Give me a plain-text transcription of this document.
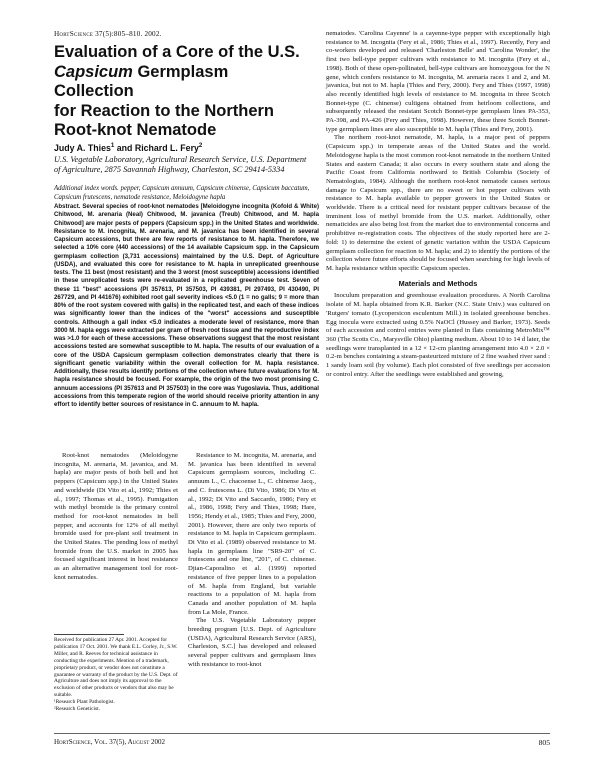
HortScience 37(5):805–810. 2002.
Evaluation of a Core of the U.S.
Capsicum Germplasm Collection
for Reaction to the Northern
Root-knot Nematode
Judy A. Thies$^1$ and Richard L. Fery$^2$
U.S. Vegetable Laboratory, Agricultural Research Service, U.S. Department
of Agriculture, 2875 Savannah Highway, Charleston, SC 29414-5334
Additional index words. pepper, Capsicum annuum, Capsicum chinense, Capsicum baccatum, Capsicum frutescens, nematode resistance, Meloidogyne hapla
Abstract. Several species of root-knot nematodes [Meloidogyne incognita (Kofold & White) Chitwood, M. arenaria (Neal) Chitwood, M. javanica (Treub) Chitwood, and M. hapla Chitwood] are major pests of peppers (Capsicum spp.) in the United States and worldwide. Resistance to M. incognita, M. arenaria, and M. javanica has been identified in several Capsicum accessions, but there are few reports of resistance to M. hapla. Therefore, we selected a 10% core (440 accessions) of the 14 available Capsicum spp. in the Capsicum germplasm collection (3,731 accessions) maintained by the U.S. Dept. of Agriculture (USDA), and evaluated this core for resistance to M. hapla in unreplicated greenhouse tests. The 11 best (most resistant) and the 3 worst (most susceptible) accessions identified in these unreplicated tests were re-evaluated in a replicated greenhouse test. Seven of these 11 "best" accessions (PI 357613, PI 357503, PI 439381, PI 297493, PI 430490, PI 267729, and PI 441676) exhibited root gall severity indices <5.0 (1 = no galls; 9 = more than 80% of the root system covered with galls) in the replicated test, and each of these indices was significantly lower than the indices of the "worst" accessions and susceptible controls. Although a gall index <5.0 indicates a moderate level of resistance, more than 3000 M. hapla eggs were extracted per gram of fresh root tissue and the reproductive index was >1.0 for each of these accessions. These observations suggest that the most resistant accessions tested are somewhat susceptible to M. hapla. The results of our evaluation of a core of the USDA Capsicum germplasm collection demonstrates clearly that there is significant genetic variability within the overall collection for M. hapla resistance. Additionally, these results identify portions of the collection where future evaluations for M. hapla resistance should be focused. For example, the origin of the two most promising C. annuum accessions (PI 357613 and PI 357503) in the core was Yugoslavia. Thus, additional accessions from this temperate region of the world should receive priority attention in any effort to identify better sources of resistance in C. annuum to M. hapla.

Root-knot nematodes (Meloidogyne incognita, M. arenaria, M. javanica, and M. hapla) are major pests of both bell and hot peppers (Capsicum spp.) in the United States and worldwide (Di Vito et al., 1992; Thies et al., 1997; Thomas et al., 1995). Fumigation with methyl bromide is the primary control method for root-knot nematodes in bell pepper, and accounts for 12% of all methyl bromide used for pre-plant soil treatment in the United States. The pending loss of methyl bromide from the U.S. market in 2005 has focused significant interest in host resistance as an alternative management tool for root-knot nematodes.

Received for publication 27 Apr. 2001. Accepted for publication 17 Oct. 2001. We thank E.L. Corley, Jr., S.W. Miller, and R. Reeves for technical assistance in conducting the experiments. Mention of a trademark, proprietary product, or vendor does not constitute a guarantee or warranty of the product by the U.S. Dept. of Agriculture and does not imply its approval to the exclusion of other products or vendors that also may be suitable.

¹Research Plant Pathologist.

²Research Geneticist.

Resistance to M. incognita, M. arenaria, and M. javanica has been identified in several Capsicum germplasm sources, including C. annuum L., C. chacoense L., C. chinense Jacq., and C. frutescens L. (Di Vito, 1986; Di Vito et al., 1992; Di Vito and Saccardo, 1986; Fery et al., 1986, 1998; Fery and Thies, 1998; Hare, 1956; Hendy et al., 1985; Thies and Fery, 2000, 2001). However, there are only two reports of resistance to M. hapla in Capsicum germplasm. Di Vito et al. (1989) observed resistance to M. hapla in germplasm line "SR9-20" of C. frutescens and one line, "201", of C. chinense. Djian-Caporalino et al. (1999) reported resistance of five pepper lines to a population of M. hapla from England, but variable reactions to a population of M. hapla from Canada and another population of M. hapla from La Mole, France.

The U.S. Vegetable Laboratory pepper breeding program [U.S. Dept. of Agriculture (USDA), Agricultural Research Service (ARS), Charleston, S.C.] has developed and released several pepper cultivars and germplasm lines with resistance to root-knot

nematodes. 'Carolina Cayenne' is a cayenne-type pepper with exceptionally high resistance to M. incognita (Fery et al., 1986; Thies et al., 1997). Recently, Fery and co-workers developed and released 'Charleston Belle' and 'Carolina Wonder', the first two bell-type pepper cultivars with resistance to M. incognita (Fery et al., 1998). Both of these open-pollinated, bell-type cultivars are homozygous for the N gene, which confers resistance to M. incognita, M. arenaria races 1 and 2, and M. javanica, but not to M. hapla (Thies and Fery, 2000). Fery and Thies (1997, 1998) also recently identified high levels of resistance to M. incognita in three Scotch Bonnet-type (C. chinense) cultigens obtained from heirloom collections, and subsequently released the resistant Scotch Bonnet-type germplasm lines PA-353, PA-398, and PA-426 (Fery and Thies, 1998). However, these three Scotch Bonnet-type germplasm lines are also susceptible to M. hapla (Thies and Fery, 2001).

The northern root-knot nematode, M. hapla, is a major pest of peppers (Capsicum spp.) in temperate areas of the United States and the world. Meloidogyne hapla is the most common root-knot nematode in the northern United States and eastern Canada; it also occurs in every southern state and along the Pacific Coast from California northward to British Columbia (Society of Nematologists, 1984). Although the northern root-knot nematode causes serious damage to Capsicum spp., there are no sweet or hot pepper cultivars with resistance to M. hapla available to pepper growers in the United States or worldwide. There is a critical need for resistant pepper cultivars because of the imminent loss of methyl bromide from the U.S. market. Additionally, other nematicides are also being lost from the market due to environmental concerns and prohibitive re-registration costs. The objectives of the study reported here are 2-fold: 1) to determine the extent of genetic variation within the USDA Capsicum germplasm collection for reaction to M. hapla; and 2) to identify the portions of the collection where future efforts should be focused when searching for high levels of M. hapla resistance within specific Capsicum species.

Materials and Methods

Inoculum preparation and greenhouse evaluation procedures. A North Carolina isolate of M. hapla obtained from K.R. Barker (N.C. State Univ.) was cultured on 'Rutgers' tomato (Lycopersicon esculentum Mill.) in isolated greenhouse benches. Egg inocula were extracted using 0.5% NaOCl (Hussey and Barker, 1973). Seeds of each accession and control entries were planted in flats containing MetroMix™ 360 (The Scotts Co., Marysville Ohio) planting medium. About 10 to 14 d later, the seedlings were transplanted in a 12 × 12-cm planting arrangement into 4.0 × 2.0 × 0.2-m benches containing a steam-pasteurized mixture of 2 fine washed river sand : 1 sandy loam soil (by volume). Each plot consisted of five seedlings per accession or control entry. After the seedlings were established and growing,

HortScience, Vol. 37(5), August 2002	805
